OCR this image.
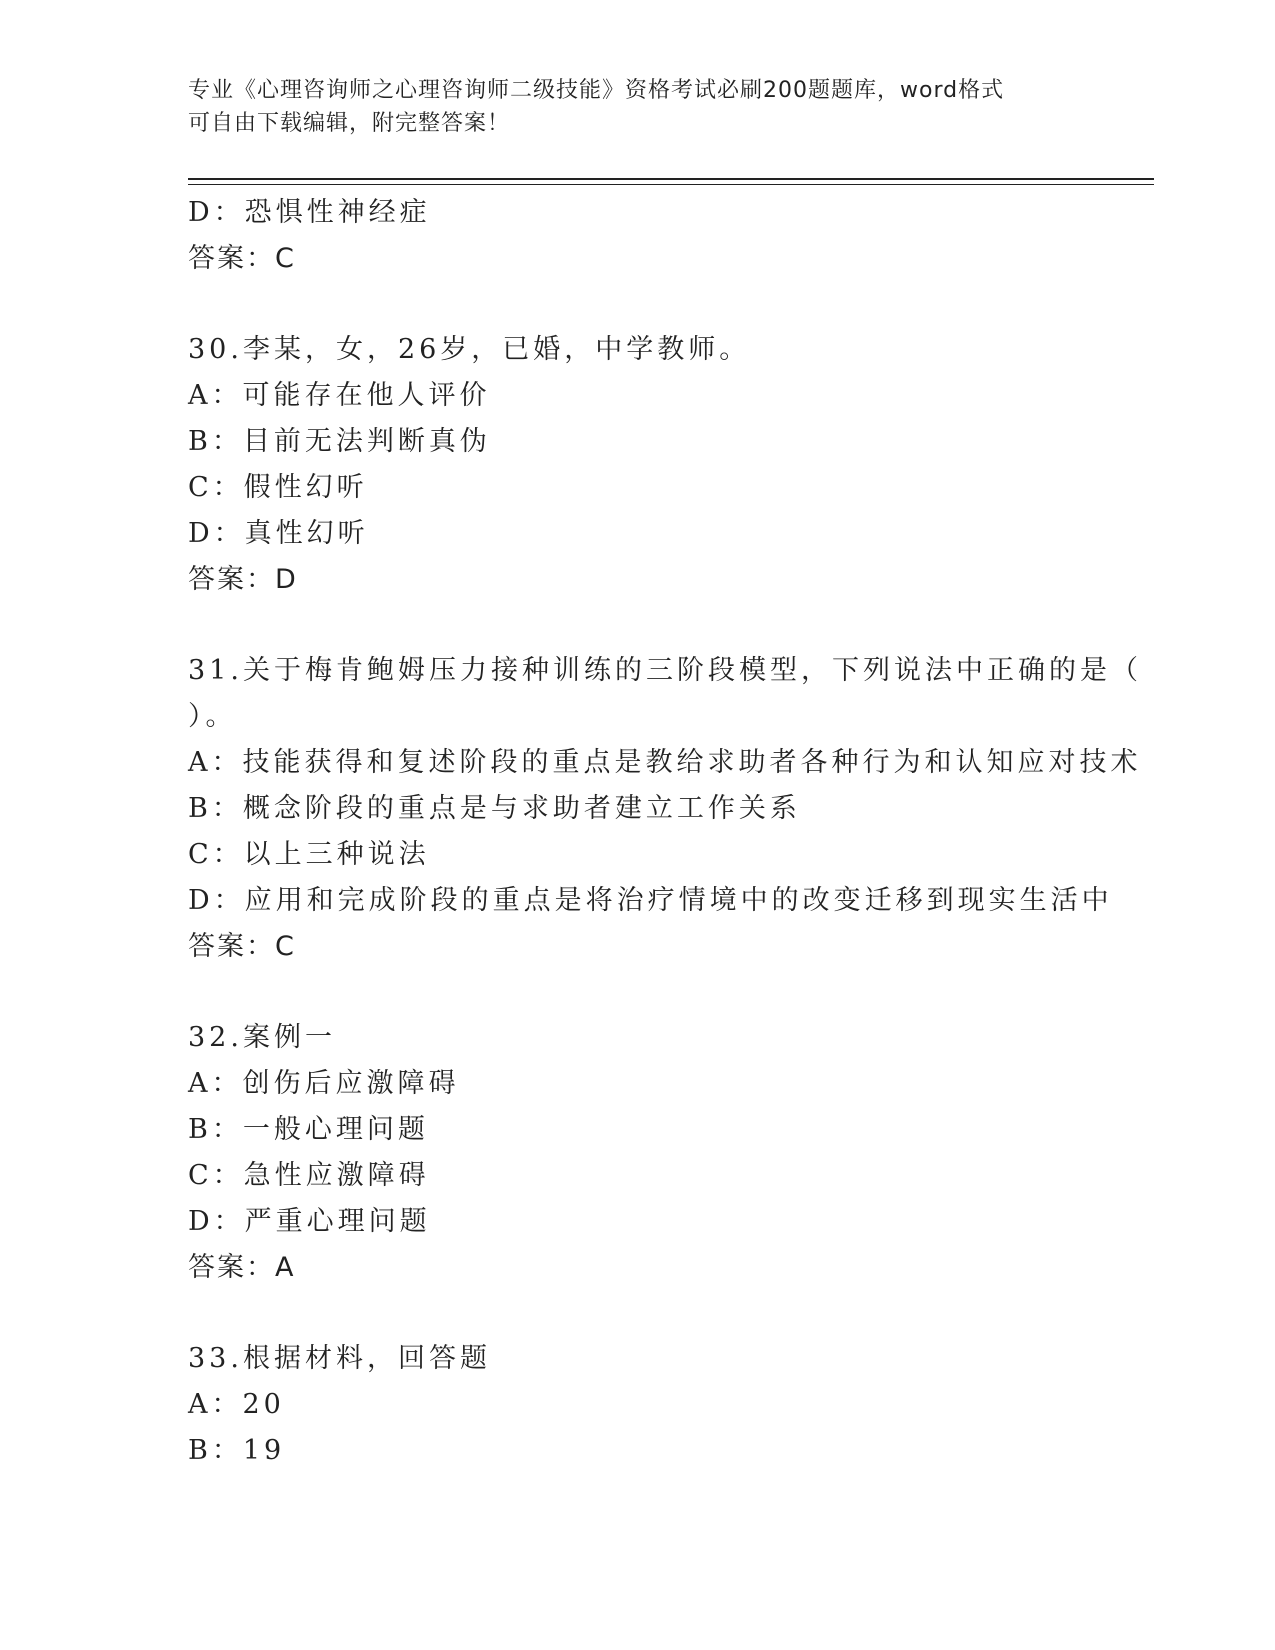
专业《心理咨询师之心理咨询师二级技能》资格考试必刷200题题库，word格式
可自由下载编辑，附完整答案！
D：恐惧性神经症
答案：C
30.李某，女，26岁，已婚，中学教师。
A：可能存在他人评价
B：目前无法判断真伪
C：假性幻听
D：真性幻听
答案：D
31.关于梅肯鲍姆压力接种训练的三阶段模型，下列说法中正确的是（
）。
A：技能获得和复述阶段的重点是教给求助者各种行为和认知应对技术
B：概念阶段的重点是与求助者建立工作关系
C：以上三种说法
D：应用和完成阶段的重点是将治疗情境中的改变迁移到现实生活中
答案：C
32.案例一
A：创伤后应激障碍
B：一般心理问题
C：急性应激障碍
D：严重心理问题
答案：A
33.根据材料，回答题
A：20
B：19
